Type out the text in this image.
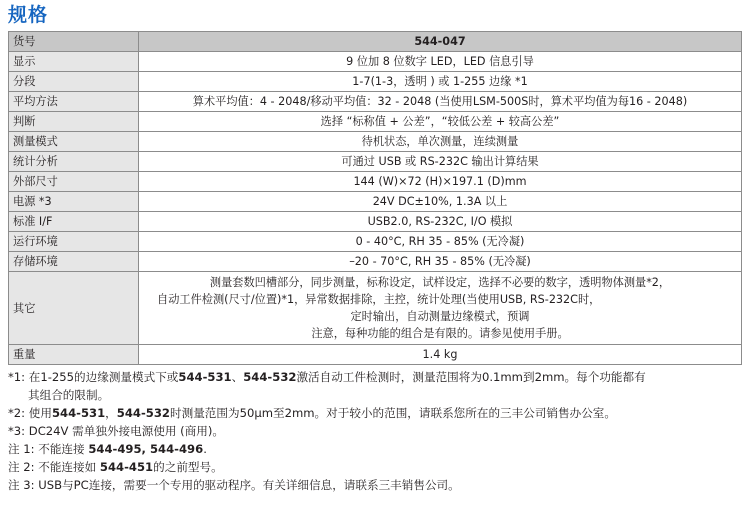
规格
货号	544-047
显示	9 位加 8 位数字 LED，LED 信息引导
分段	1-7(1-3，透明 ) 或 1-255 边缘 *1
平均方法	算术平均值：4 - 2048/移动平均值：32 - 2048 (当使用LSM-500S时，算术平均值为每16 - 2048)
判断	选择 “标称值 + 公差”，“较低公差 + 较高公差”
测量模式	待机状态，单次测量，连续测量
统计分析	可通过 USB 或 RS-232C 输出计算结果
外部尺寸	144 (W)×72 (H)×197.1 (D)mm
电源 *3	24V DC±10%, 1.3A 以上
标准 I/F	USB2.0, RS-232C, I/O 模拟
运行环境	0 - 40°C, RH 35 - 85% (无冷凝)
存储环境	–20 - 70°C, RH 35 - 85% (无冷凝)
其它	测量套数凹槽部分，同步测量，标称设定，试样设定，选择不必要的数字，透明物体测量*2，
自动工件检测(尺寸/位置)*1，异常数据排除，主控，统计处理(当使用USB, RS-232C时，
定时输出，自动测量边缘模式，预调
注意，每种功能的组合是有限的。请参见使用手册。

重量	1.4 kg
*1: 在1-255的边缘测量模式下或544-531、544-532激活自动工件检测时，测量范围将为0.1mm到2mm。每个功能都有
其组合的限制。
*2: 使用544-531，544-532时测量范围为50µm至2mm。对于较小的范围，请联系您所在的三丰公司销售办公室。
*3: DC24V 需单独外接电源使用 (商用)。
注 1: 不能连接 544-495, 544-496.
注 2: 不能连接如 544-451的之前型号。
注 3: USB与PC连接，需要一个专用的驱动程序。有关详细信息，请联系三丰销售公司。
